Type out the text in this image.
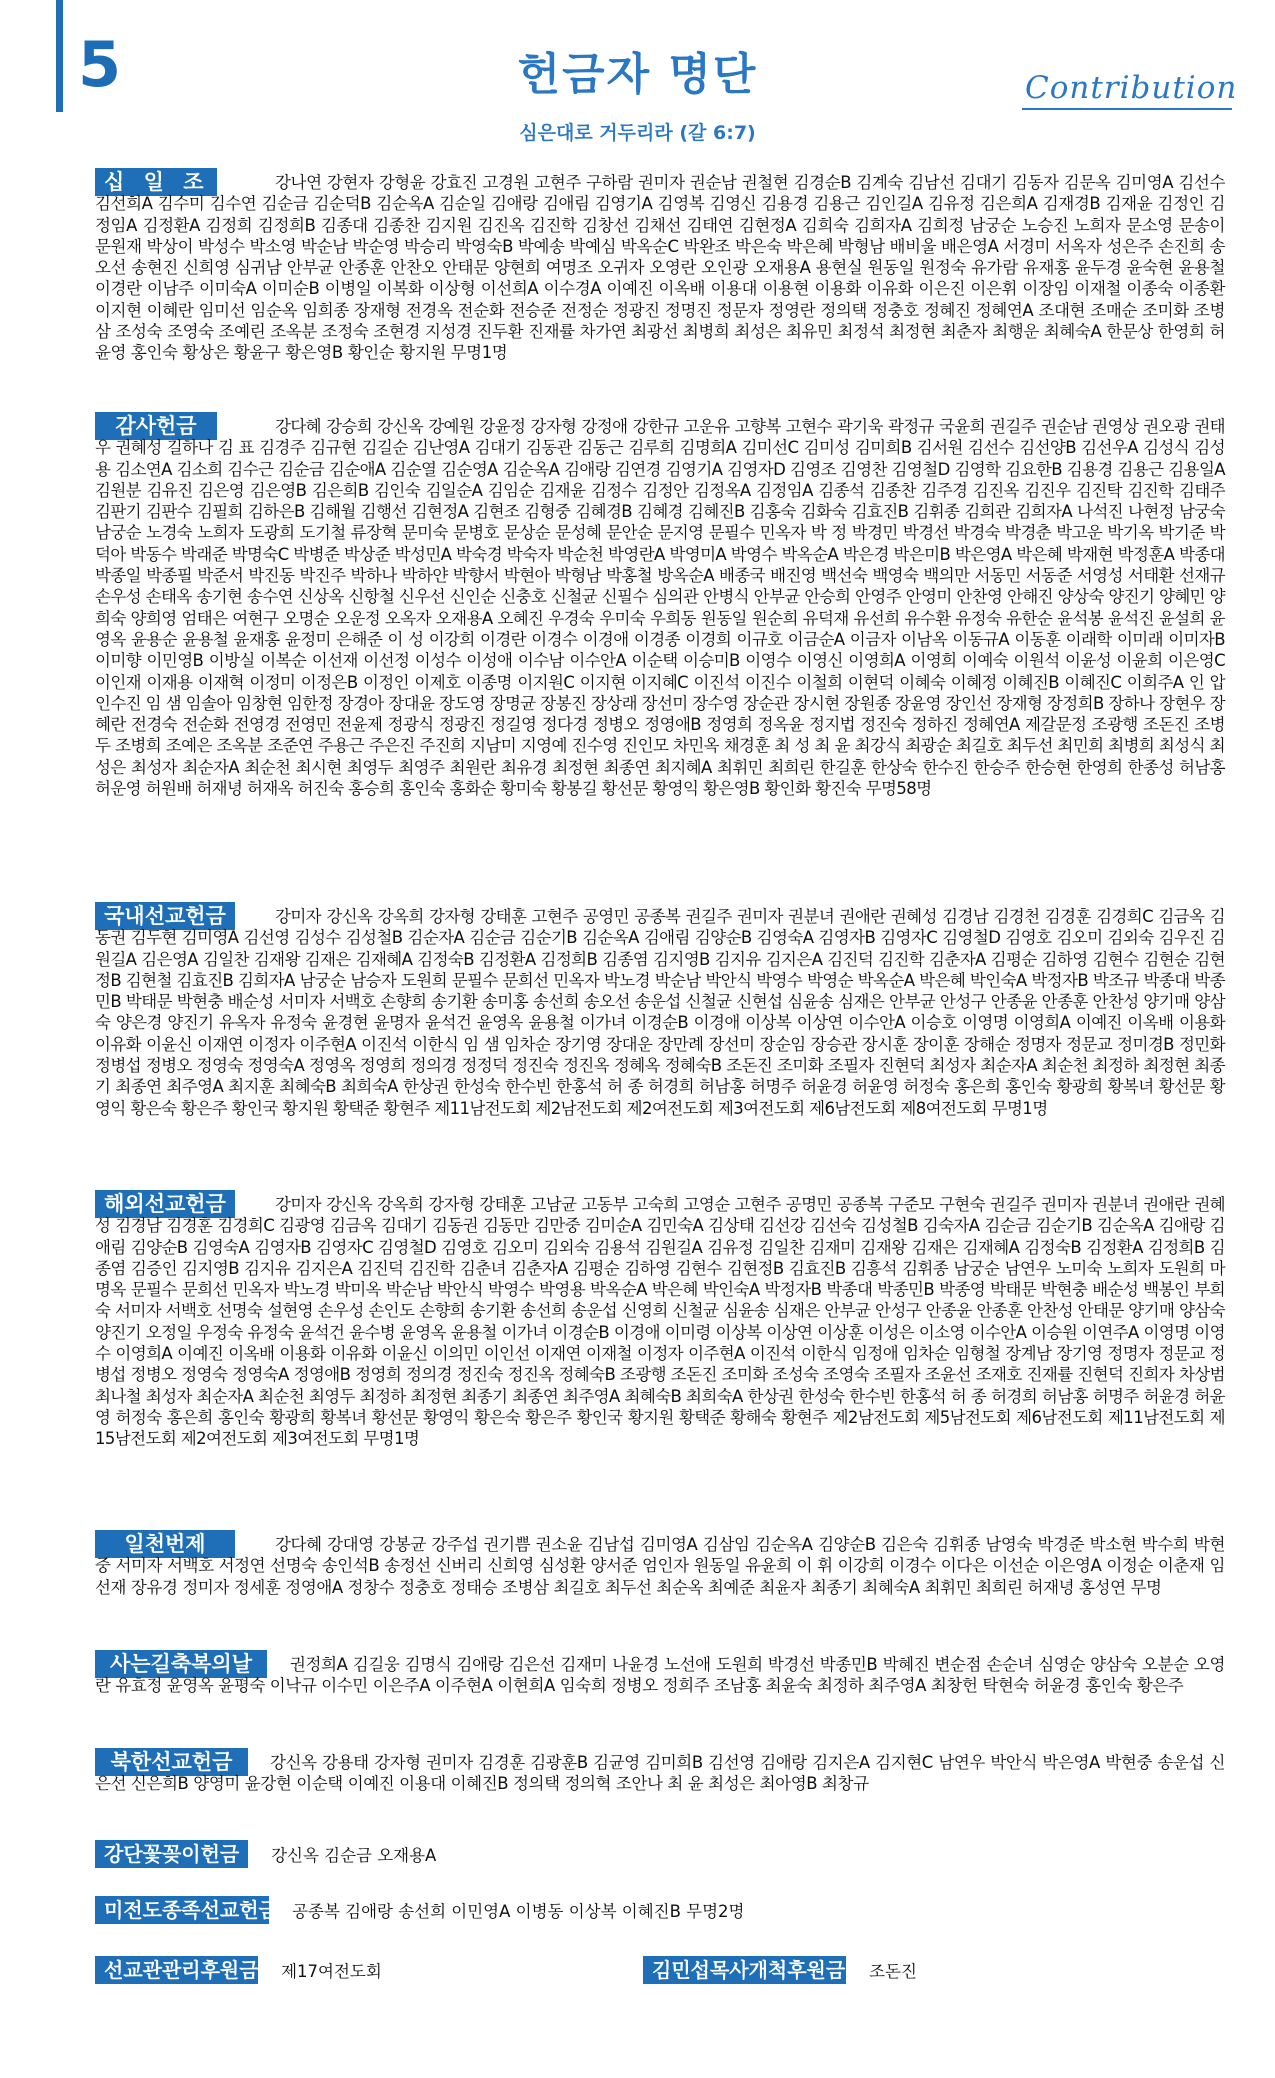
5	헌금자 명단
심은대로 거두리라 (갈 6:7)
Contribution
십 일 조	강나연 강현자 강형윤 강효진 고경원 고현주 구하람 권미자 권순남 권철현 김경순B 김계숙 김남선 김대기 김동자 김문옥 김미영A 김선수 김선희A 김수미 김수연 김순금 김순덕B 김순옥A 김순일 김애랑 김애림 김영기A 김영복 김영신 김용경 김용근 김인길A 김유정 김은희A 김재경B 김재윤 김정인 김정임A 김정환A 김정희 김정희B 김종대 김종찬 김지원 김진옥 김진학 김창선 김채선 김태연 김현정A 김희숙 김희자A 김희정 남궁순 노승진 노희자 문소영 문송이 문원재 박상이 박성수 박소영 박순남 박순영 박승리 박영숙B 박예송 박예심 박옥순C 박완조 박은숙 박은혜 박형남 배비울 배은영A 서경미 서옥자 성은주 손진희 송오선 송현진 신희영 심귀남 안부균 안종훈 안찬오 안태문 양현희 여명조 오귀자 오영란 오인광 오재용A 용현실 원동일 원정숙 유가람 유재홍 윤두경 윤숙현 윤용철 이경란 이남주 이미숙A 이미순B 이병일 이복화 이상형 이선희A 이수경A 이예진 이옥배 이용대 이용현 이용화 이유화 이은진 이은휘 이장임 이재철 이종숙 이종환 이지현 이혜란 임미선 임순옥 임희종 장재형 전경옥 전순화 전승준 전정순 정광진 정명진 정문자 정영란 정의택 정충호 정혜진 정혜연A 조대현 조매순 조미화 조병삼 조성숙 조영숙 조예린 조옥분 조정숙 조현경 지성경 진두환 진재률 차가연 최광선 최병희 최성은 최유민 최정석 최정현 최춘자 최행운 최혜숙A 한문상 한영희 허윤영 홍인숙 황상은 황윤구 황은영B 황인순 황지원 무명1명
감사헌금	강다혜 강승희 강신옥 강예원 강윤정 강자형 강정애 강한규 고운유 고향복 고현수 곽기욱 곽정규 국윤희 권길주 권순남 권영상 권오광 권태우 권혜성 길하나 김 표 김경주 김규현 김길순 김난영A 김대기 김동관 김동근 김루희 김명희A 김미선C 김미성 김미희B 김서원 김선수 김선양B 김선우A 김성식 김성용 김소연A 김소희 김수근 김순금 김순애A 김순열 김순영A 김순옥A 김애랑 김연경 김영기A 김영자D 김영조 김영찬 김영철D 김영학 김요한B 김용경 김용근 김용일A 김원분 김유진 김은영 김은영B 김은희B 김인숙 김일순A 김임순 김재윤 김정수 김정안 김정옥A 김정임A 김종석 김종찬 김주경 김진옥 김진우 김진탁 김진학 김태주 김판기 김판수 김필희 김하은B 김해월 김행선 김현정A 김현조 김형중 김혜경B 김혜경 김혜진B 김홍숙 김화숙 김효진B 김휘종 김희관 김희자A 나석진 나현정 남궁숙 남궁순 노경숙 노희자 도광희 도기철 류장혁 문미숙 문병호 문상순 문성혜 문안순 문지영 문필수 민옥자 박 정 박경민 박경선 박경숙 박경춘 박고운 박기옥 박기준 박덕아 박동수 박래준 박명숙C 박병준 박상준 박성민A 박숙경 박숙자 박순천 박영란A 박영미A 박영수 박옥순A 박은경 박은미B 박은영A 박은혜 박재현 박정훈A 박종대 박종일 박종필 박준서 박진동 박진주 박하나 박하얀 박향서 박현아 박형남 박홍철 방옥순A 배종국 배진영 백선숙 백영숙 백의만 서동민 서동준 서영성 서태환 선재규 손우성 손태옥 송기현 송수연 신상옥 신항철 신우선 신인순 신충호 신철균 신필수 심의관 안병식 안부균 안승희 안영주 안영미 안찬영 안해진 양상숙 양진기 양혜민 양희숙 양희영 엄태은 여현구 오명순 오운정 오옥자 오재용A 오혜진 우경숙 우미숙 우희동 원동일 원순희 유덕재 유선희 유수환 유정숙 유한순 윤석봉 윤석진 윤설희 윤영옥 윤용순 윤용철 윤재홍 윤정미 은해준 이 성 이강희 이경란 이경수 이경애 이경종 이경희 이규호 이금순A 이금자 이남옥 이동규A 이동훈 이래학 이미래 이미자B 이미향 이민영B 이방실 이복순 이선재 이선정 이성수 이성애 이수남 이수안A 이순택 이승미B 이영수 이영신 이영희A 이영희 이예숙 이원석 이윤성 이윤희 이은영C 이인재 이재용 이재혁 이정미 이정은B 이정인 이제호 이종명 이지원C 이지현 이지혜C 이진석 이진수 이철희 이현덕 이혜숙 이혜정 이혜진B 이혜진C 이희주A 인 압 인수진 임 샘 임솔아 임창현 임한정 장경아 장대윤 장도영 장명균 장봉진 장상래 장선미 장수영 장순관 장시현 장원종 장윤영 장인선 장재형 장정희B 장하나 장현우 장혜란 전경숙 전순화 전영경 전영민 전윤제 정광식 정광진 정길영 정다경 정병오 정영애B 정영희 정옥윤 정지법 정진숙 정하진 정혜연A 제갈문정 조광행 조돈진 조병두 조병희 조예은 조옥분 조준연 주용근 주은진 주진희 지남미 지영예 진수영 진인모 차민옥 채경훈 최 성 최 윤 최강식 최광순 최길호 최두선 최민희 최병희 최성식 최성은 최성자 최순자A 최순천 최시현 최영두 최영주 최원란 최유경 최정현 최종연 최지혜A 최휘민 최희린 한길훈 한상숙 한수진 한승주 한승현 한영희 한종성 허남홍 허운영 허원배 허재녕 허재옥 허진숙 홍승희 홍인숙 홍화순 황미숙 황봉길 황선문 황영익 황은영B 황인화 황진숙 무명58명
국내선교헌금	강미자 강신옥 강옥희 강자형 강태훈 고현주 공영민 공종복 권길주 권미자 권분녀 권애란 권혜성 김경남 김경천 김경훈 김경희C 김금옥 김동권 김두현 김미영A 김선영 김성수 김성철B 김순자A 김순금 김순기B 김순옥A 김애림 김양순B 김영숙A 김영자B 김영자C 김영철D 김영호 김오미 김외숙 김우진 김원길A 김은영A 김일찬 김재왕 김재은 김재혜A 김정숙B 김정환A 김정희B 김종염 김지영B 김지유 김지은A 김진덕 김진학 김춘자A 김평순 김하영 김현수 김현순 김현정B 김현철 김효진B 김희자A 남궁순 남승자 도원희 문필수 문희선 민옥자 박노경 박순남 박안식 박영수 박영순 박옥순A 박은혜 박인숙A 박정자B 박조규 박종대 박종민B 박태문 박현충 배순성 서미자 서백호 손향희 송기환 송미홍 송선희 송오선 송운섭 신철균 신현섭 심윤송 심재은 안부균 안성구 안종윤 안종훈 안찬성 양기매 양삼숙 양은경 양진기 유옥자 유정숙 윤경현 윤명자 윤석건 윤영옥 윤용철 이가녀 이경순B 이경애 이상복 이상연 이수안A 이승호 이영명 이영희A 이예진 이옥배 이용화 이유화 이윤신 이재연 이정자 이주현A 이진석 이한식 임 샘 임차순 장기영 장대운 장만례 장선미 장순임 장승관 장시훈 장이훈 장해순 정명자 정문교 정미경B 정민화 정병섭 정병오 정영숙 정영숙A 정영옥 정영희 정의경 정정덕 정진숙 정진옥 정혜옥 정혜숙B 조돈진 조미화 조필자 진현덕 최성자 최순자A 최순천 최정하 최정현 최종기 최종연 최주영A 최지훈 최혜숙B 최희숙A 한상권 한성숙 한수빈 한홍석 허 종 허경희 허남홍 허명주 허윤경 허윤영 허정숙 홍은희 홍인숙 황광희 황복녀 황선문 황영익 황은숙 황은주 황인국 황지원 황택준 황현주 제11남전도회 제2남전도회 제2여전도회 제3여전도회 제6남전도회 제8여전도회 무명1명
해외선교헌금	강미자 강신옥 강옥희 강자형 강태훈 고남균 고동부 고숙희 고영순 고현주 공명민 공종복 구준모 구현숙 권길주 권미자 권분녀 권애란 권혜성 김경남 김경훈 김경희C 김광영 김금옥 김대기 김동권 김동만 김만중 김미순A 김민숙A 김상태 김선강 김선숙 김성철B 김숙자A 김순금 김순기B 김순옥A 김애랑 김애림 김양순B 김영숙A 김영자B 김영자C 김영철D 김영호 김오미 김외숙 김용석 김원길A 김유정 김일찬 김재미 김재왕 김재은 김재혜A 김정숙B 김정환A 김정희B 김종염 김증인 김지영B 김지유 김지은A 김진덕 김진학 김춘녀 김춘자A 김평순 김하영 김현수 김현정B 김효진B 김흥석 김휘종 남궁순 남연우 노미숙 노희자 도원희 마명옥 문필수 문희선 민옥자 박노경 박미옥 박순남 박안식 박영수 박영용 박옥순A 박은혜 박인숙A 박정자B 박종대 박종민B 박종영 박태문 박현충 배순성 백봉인 부희숙 서미자 서백호 선명숙 설현영 손우성 손인도 손향희 송기환 송선희 송운섭 신영희 신철균 심윤송 심재은 안부균 안성구 안종윤 안종훈 안찬성 안태문 양기매 양삼숙 양진기 오정일 우정숙 유정숙 윤석건 윤수병 윤영옥 윤용철 이가녀 이경순B 이경애 이미령 이상복 이상연 이상훈 이성은 이소영 이수안A 이승원 이연주A 이영명 이영수 이영희A 이예진 이옥배 이용화 이유화 이윤신 이의민 이인선 이재연 이재철 이정자 이주현A 이진석 이한식 임정애 임차순 임형철 장계남 장기영 정명자 정문교 정병섭 정병오 정영숙 정영숙A 정영애B 정영희 정의경 정진숙 정진옥 정혜숙B 조광행 조돈진 조미화 조성숙 조영숙 조필자 조윤선 조재호 진재률 진현덕 진희자 차상범 최나철 최성자 최순자A 최순천 최영두 최정하 최정현 최종기 최종연 최주영A 최혜숙B 최희숙A 한상권 한성숙 한수빈 한홍석 허 종 허경희 허남홍 허명주 허윤경 허윤영 허정숙 홍은희 홍인숙 황광희 황복녀 황선문 황영익 황은숙 황은주 황인국 황지원 황택준 황해숙 황현주 제2남전도회 제5남전도회 제6남전도회 제11남전도회 제15남전도회 제2여전도회 제3여전도회 무명1명
일천번제	강다혜 강대영 강봉균 강주섭 권기쁨 권소윤 김남섭 김미영A 김삼임 김순옥A 김양순B 김은숙 김휘종 남영숙 박경준 박소현 박수희 박현중 서미자 서백호 서정연 선명숙 송인석B 송정선 신버리 신희영 심성환 양서준 엄인자 원동일 유윤희 이 휘 이강희 이경수 이다은 이선순 이은영A 이정순 이춘재 임선재 장유경 정미자 정세훈 정영애A 정창수 정충호 정태승 조병삼 최길호 최두선 최순옥 최예준 최윤자 최종기 최혜숙A 최휘민 최희린 허재녕 홍성연 무명
사는길축복의날	권정희A 김길웅 김명식 김애랑 김은선 김재미 나윤경 노선애 도원희 박경선 박종민B 박혜진 변순점 손순녀 심영순 양삼숙 오분순 오영란 유효정 윤영옥 윤평숙 이낙규 이수민 이은주A 이주현A 이현희A 임숙희 정병오 정희주 조남홍 최윤숙 최정하 최주영A 최창헌 탁현숙 허윤경 홍인숙 황은주
북한선교헌금	강신옥 강용태 강자형 권미자 김경훈 김광훈B 김균영 김미희B 김선영 김애랑 김지은A 김지현C 남연우 박안식 박은영A 박현중 송운섭 신은선 신은희B 양영미 윤강현 이순택 이예진 이용대 이혜진B 정의택 정의혁 조안나 최 윤 최성은 최아영B 최창규
강단꽃꽂이헌금 강신옥 김순금 오재용A
미전도종족선교헌금 공종복 김애랑 송선희 이민영A 이병동 이상복 이혜진B 무명2명
선교관관리후원금 제17여전도회	김민섭목사개척후원금 조돈진
